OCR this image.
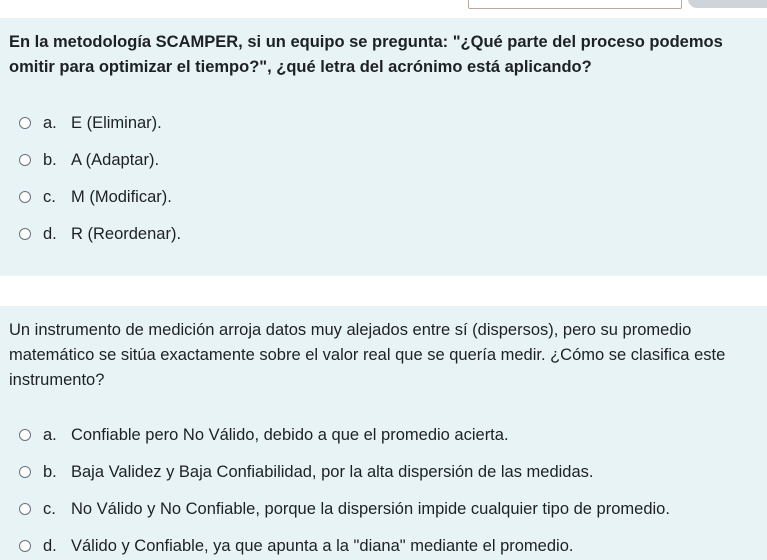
En la metodología SCAMPER, si un equipo se pregunta: "¿Qué parte del proceso podemos omitir para optimizar el tiempo?", ¿qué letra del acrónimo está aplicando?
a. E (Eliminar).
b. A (Adaptar).
c. M (Modificar).
d. R (Reordenar).
Un instrumento de medición arroja datos muy alejados entre sí (dispersos), pero su promedio matemático se sitúa exactamente sobre el valor real que se quería medir. ¿Cómo se clasifica este instrumento?
a. Confiable pero No Válido, debido a que el promedio acierta.
b. Baja Validez y Baja Confiabilidad, por la alta dispersión de las medidas.
c. No Válido y No Confiable, porque la dispersión impide cualquier tipo de promedio.
d. Válido y Confiable, ya que apunta a la "diana" mediante el promedio.
